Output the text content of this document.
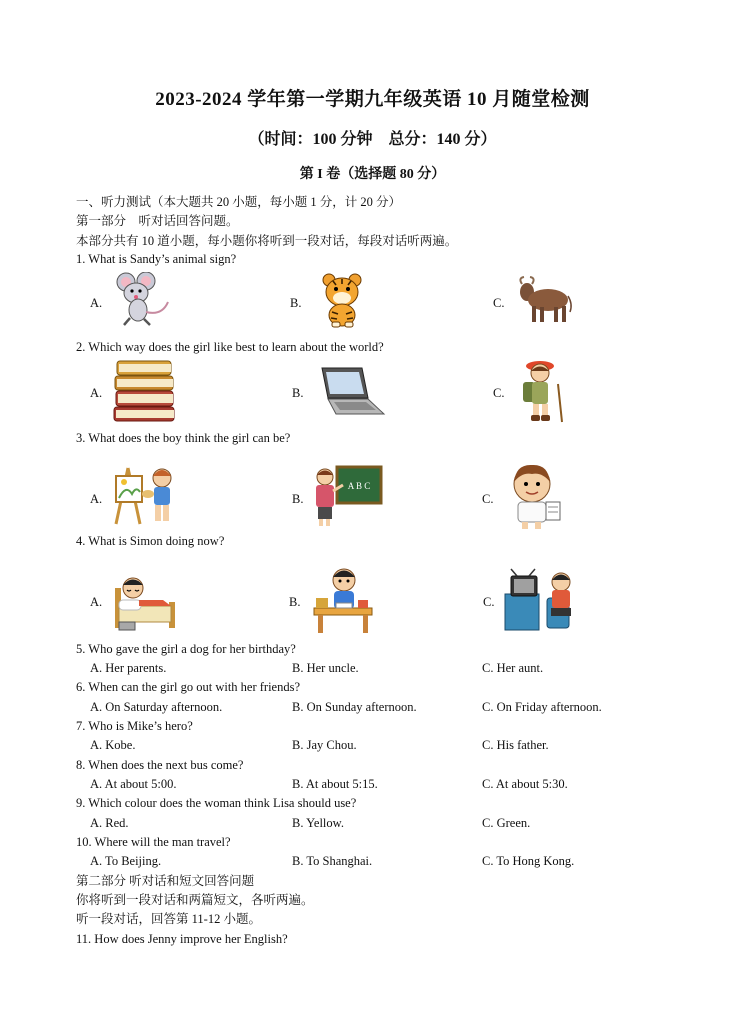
2023-2024 学年第一学期九年级英语 10 月随堂检测
（时间：100 分钟　总分：140 分）
第 I 卷（选择题 80 分）
一、听力测试（本大题共 20 小题，每小题 1 分，计 20 分）
第一部分　听对话回答问题。
本部分共有 10 道小题，每小题你将听到一段对话，每段对话听两遍。
1. What is Sandy’s animal sign?
A.	B.	C.
2. Which way does the girl like best to learn about the world?
A.	B.	C.
3. What does the boy think the girl can be?
A.	B.	C.
A B C
4. What is Simon doing now?
A.	B.	C.
5. Who gave the girl a dog for her birthday?
A. Her parents.	B. Her uncle.	C. Her aunt.
6. When can the girl go out with her friends?
A. On Saturday afternoon.	B. On Sunday afternoon.	C. On Friday afternoon.
7. Who is Mike’s hero?
A. Kobe.	B. Jay Chou.	C. His father.
8. When does the next bus come?
A. At about 5:00.	B. At about 5:15.	C. At about 5:30.
9. Which colour does the woman think Lisa should use?
A. Red.	B. Yellow.	C. Green.
10. Where will the man travel?
A. To Beijing.	B. To Shanghai.	C. To Hong Kong.
第二部分 听对话和短文回答问题
你将听到一段对话和两篇短文，各听两遍。
听一段对话，回答第 11-12 小题。
11. How does Jenny improve her English?
